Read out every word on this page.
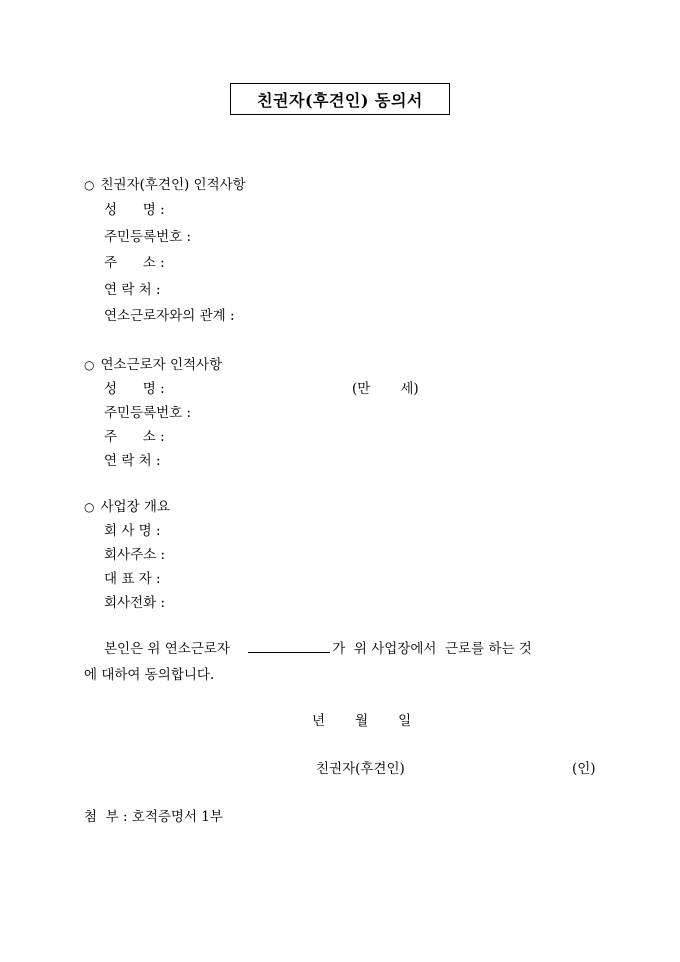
친권자(후견인) 동의서
○ 친권자(후견인) 인적사항
성      명 :
주민등록번호 :
주      소 :
연 락 처 :
연소근로자와의 관계 :
○ 연소근로자 인적사항
성      명 :	(만       세)
주민등록번호 :
주      소 :
연 락 처 :
○ 사업장 개요
회 사 명 :
회사주소 :
대 표 자 :
회사전화 :
본인은 위 연소근로자	가  위 사업장에서  근로를 하는 것
에 대하여 동의합니다.
년       월       일
친권자(후견인)	(인)
첨  부 : 호적증명서 1부
